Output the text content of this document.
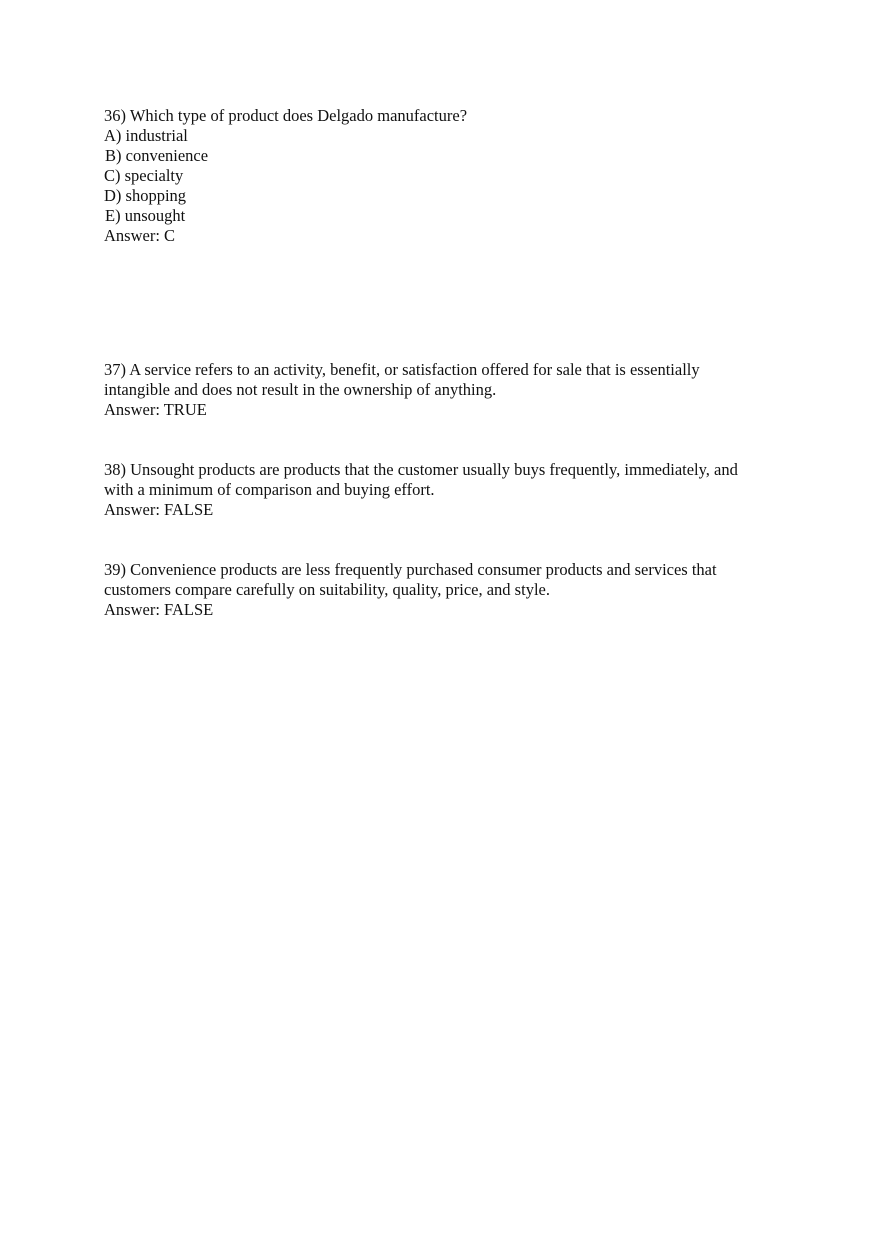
36) Which type of product does Delgado manufacture?
A) industrial
B) convenience
C) specialty
D) shopping
E) unsought
Answer: C
37) A service refers to an activity, benefit, or satisfaction offered for sale that is essentially
intangible and does not result in the ownership of anything.
Answer: TRUE
38) Unsought products are products that the customer usually buys frequently, immediately, and
with a minimum of comparison and buying effort.
Answer: FALSE
39) Convenience products are less frequently purchased consumer products and services that
customers compare carefully on suitability, quality, price, and style.
Answer: FALSE
